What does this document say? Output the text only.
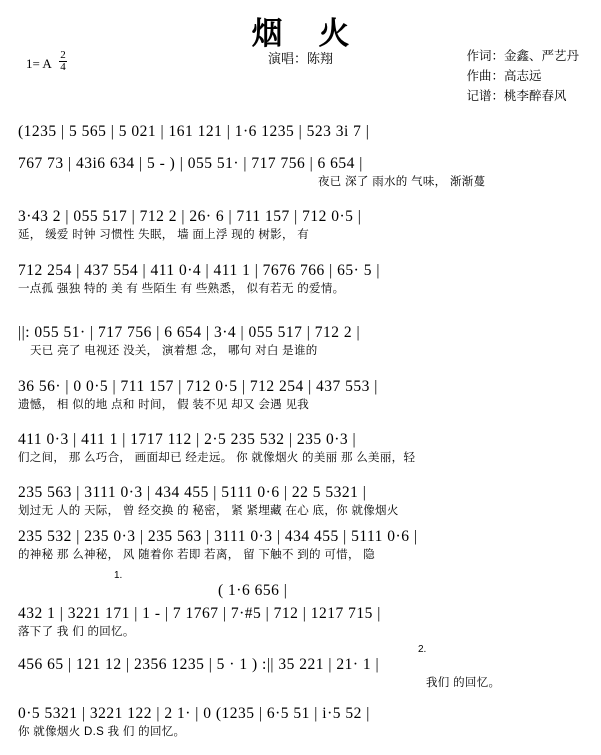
烟 火
1= A $\frac{2}{4}$	演唱：陈翔	作词：金鑫、严艺丹
作曲：高志远
记谱：桃李醉春风
(1235 | 5 565 | 5 021 | 161 121 | 1·6 1235 | 523 3i 7 |
767 73 | 43i6 634 | 5 - ) | 055 51· | 717 756 | 6 654 |
夜已 深了 雨水的 气味， 渐渐蔓
3·43 2 | 055 517 | 712 2 | 26· 6 | 711 157 | 712 0·5 |
延， 缓爱 时钟 习惯性 失眠， 墙 面上浮 现的 树影， 有
712 254 | 437 554 | 411 0·4 | 411 1 | 7676 766 | 65· 5 |
一点孤 强独 特的 美 有 些陌生 有 些熟悉， 似有若无 的爱情。
||: 055 51· | 717 756 | 6 654 | 3·4 | 055 517 | 712 2 |
天已 亮了 电视还 没关， 演着想 念， 哪句 对白 是谁的
36 56· | 0 0·5 | 711 157 | 712 0·5 | 712 254 | 437 553 |
遗憾， 相 似的地 点和 时间， 假 装不见 却又 会遇 见我
411 0·3 | 411 1 | 1717 112 | 2·5 235 532 | 235 0·3 |
们之间， 那 么巧合， 画面却已 经走远。 你 就像烟火 的美丽 那 么美丽，轻
235 563 | 3111 0·3 | 434 455 | 5111 0·6 | 22 5 5321 |
划过无 人的 天际， 曾 经交换 的 秘密， 紧 紧埋藏 在心 底，你 就像烟火
235 532 | 235 0·3 | 235 563 | 3111 0·3 | 434 455 | 5111 0·6 |
的神秘 那 么神秘， 风 随着你 若即 若离， 留 下触不 到的 可惜， 隐
1.
( 1·6 656 |
432 1 | 3221 171 | 1 - | 7 1767 | 7·#5 | 712 | 1217 715 |
落下了 我 们 的回忆。
2.
456 65 | 121 12 | 2356 1235 | 5 · 1 ) :|| 35 221 | 21· 1 |
我们 的回忆。
0·5 5321 | 3221 122 | 2 1· | 0 (1235 | 6·5 51 | i·5 52 |
你 就像烟火 D.S 我 们 的回忆。
